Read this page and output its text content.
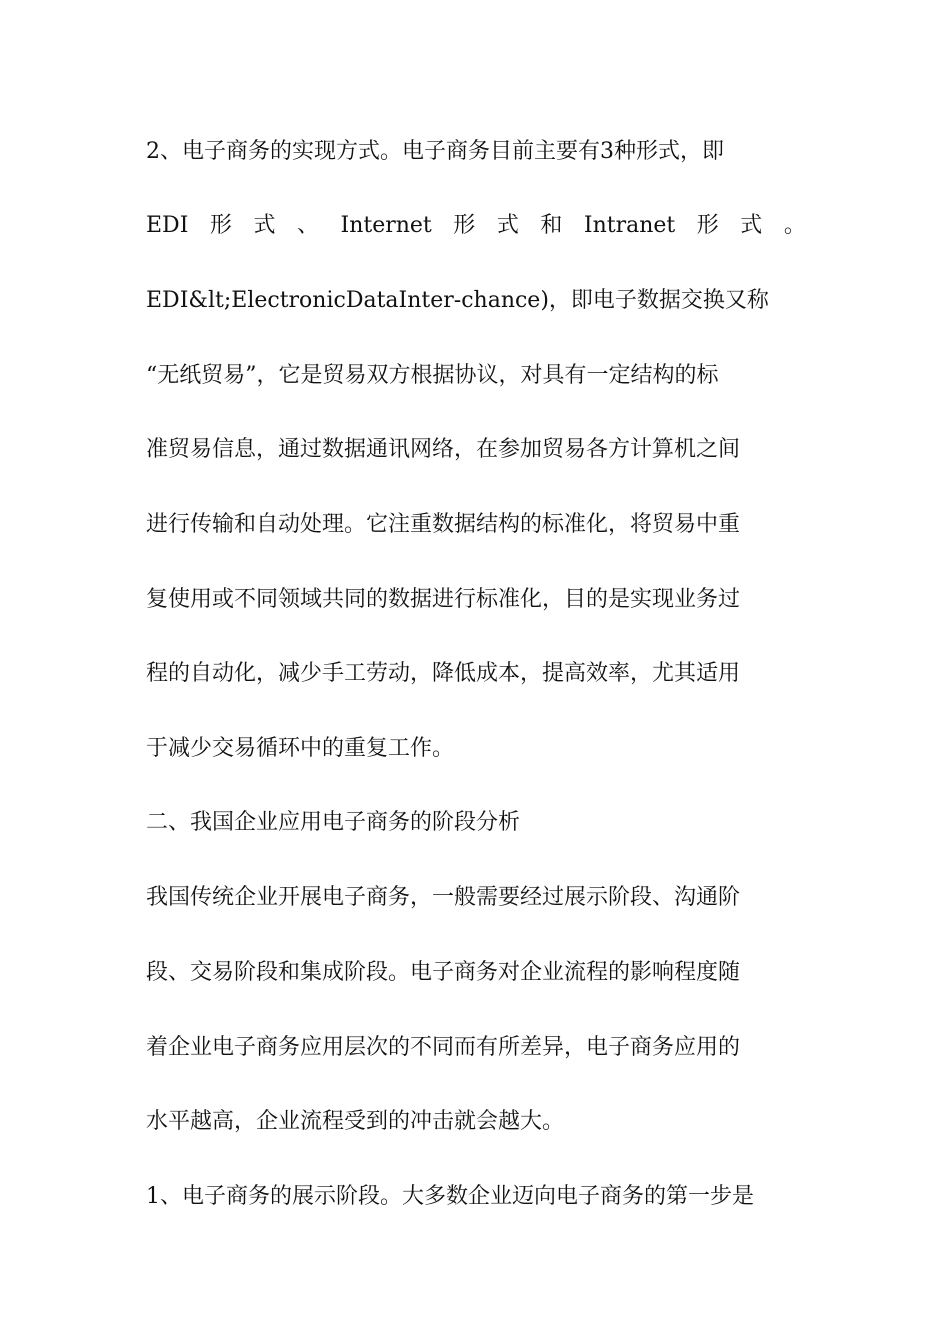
2、电子商务的实现方式。电子商务目前主要有3种形式，即
EDI 形 式 、 Internet 形 式 和 Intranet 形 式 。
EDI&lt;ElectronicDataInter-chance)，即电子数据交换又称
“无纸贸易”，它是贸易双方根据协议，对具有一定结构的标
准贸易信息，通过数据通讯网络，在参加贸易各方计算机之间
进行传输和自动处理。它注重数据结构的标准化，将贸易中重
复使用或不同领域共同的数据进行标准化，目的是实现业务过
程的自动化，减少手工劳动，降低成本，提高效率，尤其适用
于减少交易循环中的重复工作。
二、我国企业应用电子商务的阶段分析
我国传统企业开展电子商务，一般需要经过展示阶段、沟通阶
段、交易阶段和集成阶段。电子商务对企业流程的影响程度随
着企业电子商务应用层次的不同而有所差异，电子商务应用的
水平越高，企业流程受到的冲击就会越大。
1、电子商务的展示阶段。大多数企业迈向电子商务的第一步是
